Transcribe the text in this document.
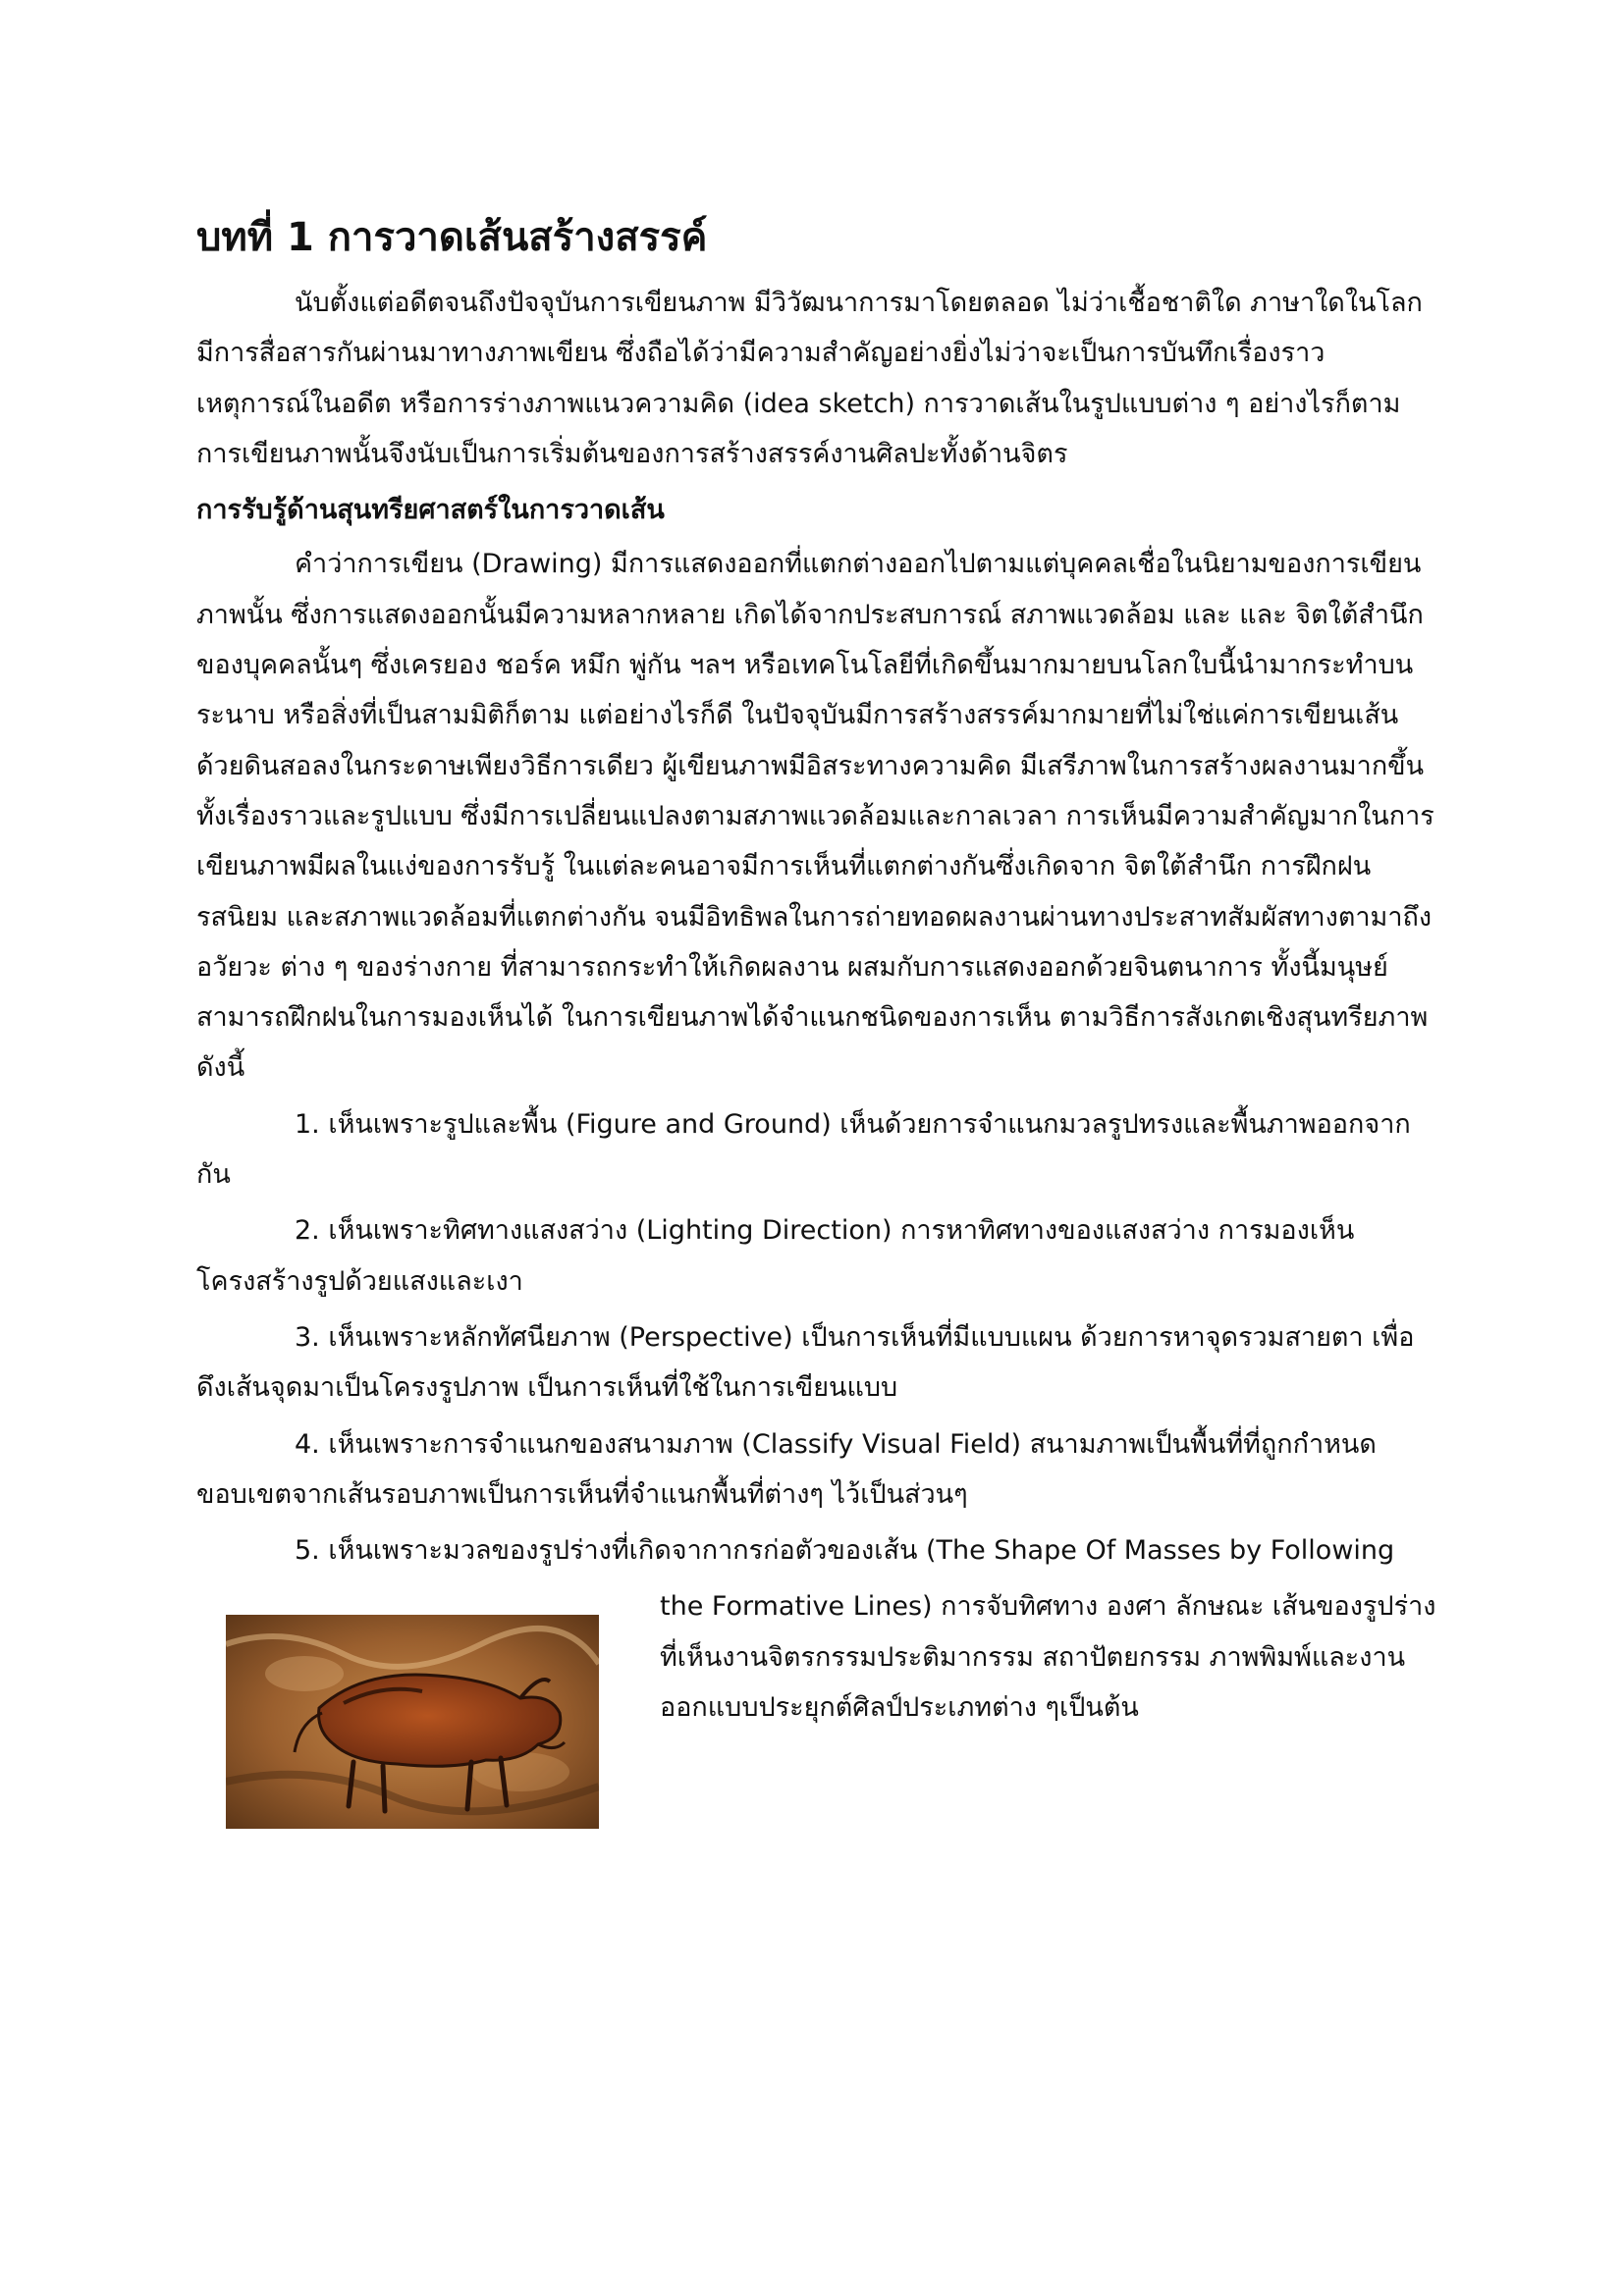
บทที่ 1 การวาดเส้นสร้างสรรค์

นับตั้งแต่อดีตจนถึงปัจจุบันการเขียนภาพ มีวิวัฒนาการมาโดยตลอด ไม่ว่าเชื้อชาติใด ภาษาใดในโลก มีการสื่อสารกันผ่านมาทางภาพเขียน ซึ่งถือได้ว่ามีความสำคัญอย่างยิ่งไม่ว่าจะเป็นการบันทึกเรื่องราว เหตุการณ์ในอดีต หรือการร่างภาพแนวความคิด (idea sketch) การวาดเส้นในรูปแบบต่าง ๆ อย่างไรก็ตาม การเขียนภาพนั้นจึงนับเป็นการเริ่มต้นของการสร้างสรรค์งานศิลปะทั้งด้านจิตร

การรับรู้ด้านสุนทรียศาสตร์ในการวาดเส้น

คำว่าการเขียน (Drawing) มีการแสดงออกที่แตกต่างออกไปตามแต่บุคคลเชื่อในนิยามของการเขียนภาพนั้น ซึ่งการแสดงออกนั้นมีความหลากหลาย เกิดได้จากประสบการณ์ สภาพแวดล้อม และ และ จิตใต้สำนึกของบุคคลนั้นๆ ซึ่งเครยอง ชอร์ค หมึก พู่กัน ฯลฯ หรือเทคโนโลยีที่เกิดขึ้นมากมายบนโลกใบนี้นำมากระทำบนระนาบ หรือสิ่งที่เป็นสามมิติก็ตาม แต่อย่างไรก็ดี ในปัจจุบันมีการสร้างสรรค์มากมายที่ไม่ใช่แค่การเขียนเส้นด้วยดินสอลงในกระดาษเพียงวิธีการเดียว ผู้เขียนภาพมีอิสระทางความคิด มีเสรีภาพในการสร้างผลงานมากขึ้น ทั้งเรื่องราวและรูปแบบ ซึ่งมีการเปลี่ยนแปลงตามสภาพแวดล้อมและกาลเวลา การเห็นมีความสำคัญมากในการเขียนภาพมีผลในแง่ของการรับรู้ ในแต่ละคนอาจมีการเห็นที่แตกต่างกันซึ่งเกิดจาก จิตใต้สำนึก การฝึกฝน รสนิยม และสภาพแวดล้อมที่แตกต่างกัน จนมีอิทธิพลในการถ่ายทอดผลงานผ่านทางประสาทสัมผัสทางตามาถึงอวัยวะ ต่าง ๆ ของร่างกาย ที่สามารถกระทำให้เกิดผลงาน ผสมกับการแสดงออกด้วยจินตนาการ ทั้งนี้มนุษย์สามารถฝึกฝนในการมองเห็นได้ ในการเขียนภาพได้จำแนกชนิดของการเห็น ตามวิธีการสังเกตเชิงสุนทรียภาพ ดังนี้

1. เห็นเพราะรูปและพื้น (Figure and Ground) เห็นด้วยการจำแนกมวลรูปทรงและพื้นภาพออกจาก กัน

2. เห็นเพราะทิศทางแสงสว่าง (Lighting Direction) การหาทิศทางของแสงสว่าง การมองเห็น โครงสร้างรูปด้วยแสงและเงา

3. เห็นเพราะหลักทัศนียภาพ (Perspective) เป็นการเห็นที่มีแบบแผน ด้วยการหาจุดรวมสายตา เพื่อดึงเส้นจุดมาเป็นโครงรูปภาพ เป็นการเห็นที่ใช้ในการเขียนแบบ

4. เห็นเพราะการจำแนกของสนามภาพ (Classify Visual Field) สนามภาพเป็นพื้นที่ที่ถูกกำหนด ขอบเขตจากเส้นรอบภาพเป็นการเห็นที่จำแนกพื้นที่ต่างๆ ไว้เป็นส่วนๆ

5. เห็นเพราะมวลของรูปร่างที่เกิดจากากรก่อตัวของเส้น (The Shape Of Masses by Following

the Formative Lines) การจับทิศทาง องศา ลักษณะ เส้นของรูปร่างที่เห็นงานจิตรกรรมประติมากรรม สถาปัตยกรรม ภาพพิมพ์และงานออกแบบประยุกต์ศิลป์ประเภทต่าง ๆเป็นต้น
